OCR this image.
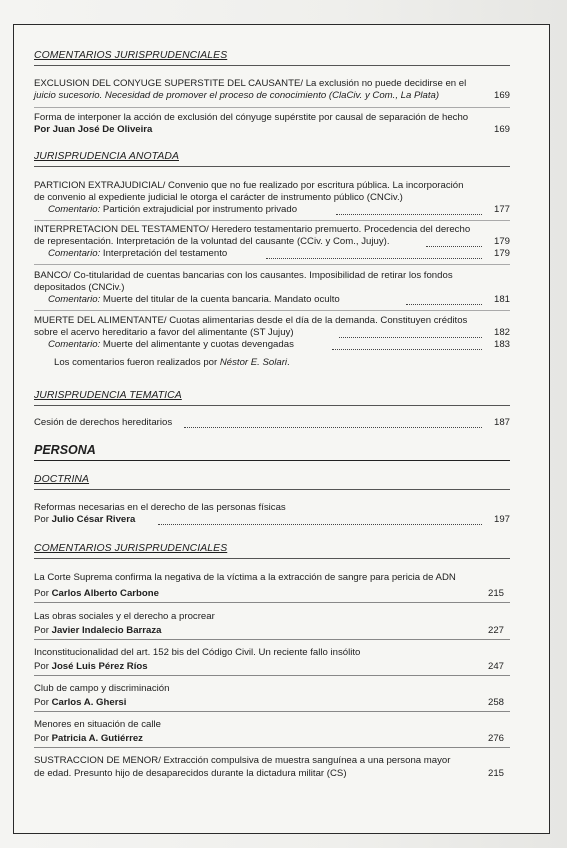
COMENTARIOS JURISPRUDENCIALES
EXCLUSION DEL CONYUGE SUPERSTITE DEL CAUSANTE/ La exclusión no puede decidirse en el
juicio sucesorio. Necesidad de promover el proceso de conocimiento (ClaCiv. y Com., La Plata)	169
Forma de interponer la acción de exclusión del cónyuge supérstite por causal de separación de hecho
Por Juan José De Oliveira	169
JURISPRUDENCIA ANOTADA
PARTICION EXTRAJUDICIAL/ Convenio que no fue realizado por escritura pública. La incorporación
de convenio al expediente judicial le otorga el carácter de instrumento público (CNCiv.)
Comentario: Partición extrajudicial por instrumento privado	177
INTERPRETACION DEL TESTAMENTO/ Heredero testamentario premuerto. Procedencia del derecho
de representación. Interpretación de la voluntad del causante (CCiv. y Com., Jujuy).	179
Comentario: Interpretación del testamento	179
BANCO/ Co-titularidad de cuentas bancarias con los causantes. Imposibilidad de retirar los fondos
depositados (CNCiv.)
Comentario: Muerte del titular de la cuenta bancaria. Mandato oculto	181
MUERTE DEL ALIMENTANTE/ Cuotas alimentarias desde el día de la demanda. Constituyen créditos
sobre el acervo hereditario a favor del alimentante (ST Jujuy)	182
Comentario: Muerte del alimentante y cuotas devengadas	183
Los comentarios fueron realizados por Néstor E. Solari.
JURISPRUDENCIA TEMATICA
Cesión de derechos hereditarios	187
PERSONA
DOCTRINA
Reformas necesarias en el derecho de las personas físicas
Por Julio César Rivera	197
COMENTARIOS JURISPRUDENCIALES
La Corte Suprema confirma la negativa de la víctima a la extracción de sangre para pericia de ADN
Por Carlos Alberto Carbone	215
Las obras sociales y el derecho a procrear
Por Javier Indalecio Barraza	227
Inconstitucionalidad del art. 152 bis del Código Civil. Un reciente fallo insólito
Por José Luis Pérez Ríos	247
Club de campo y discriminación
Por Carlos A. Ghersi	258
Menores en situación de calle
Por Patricia A. Gutiérrez	276
SUSTRACCION DE MENOR/ Extracción compulsiva de muestra sanguínea a una persona mayor
de edad. Presunto hijo de desaparecidos durante la dictadura militar (CS)	215
